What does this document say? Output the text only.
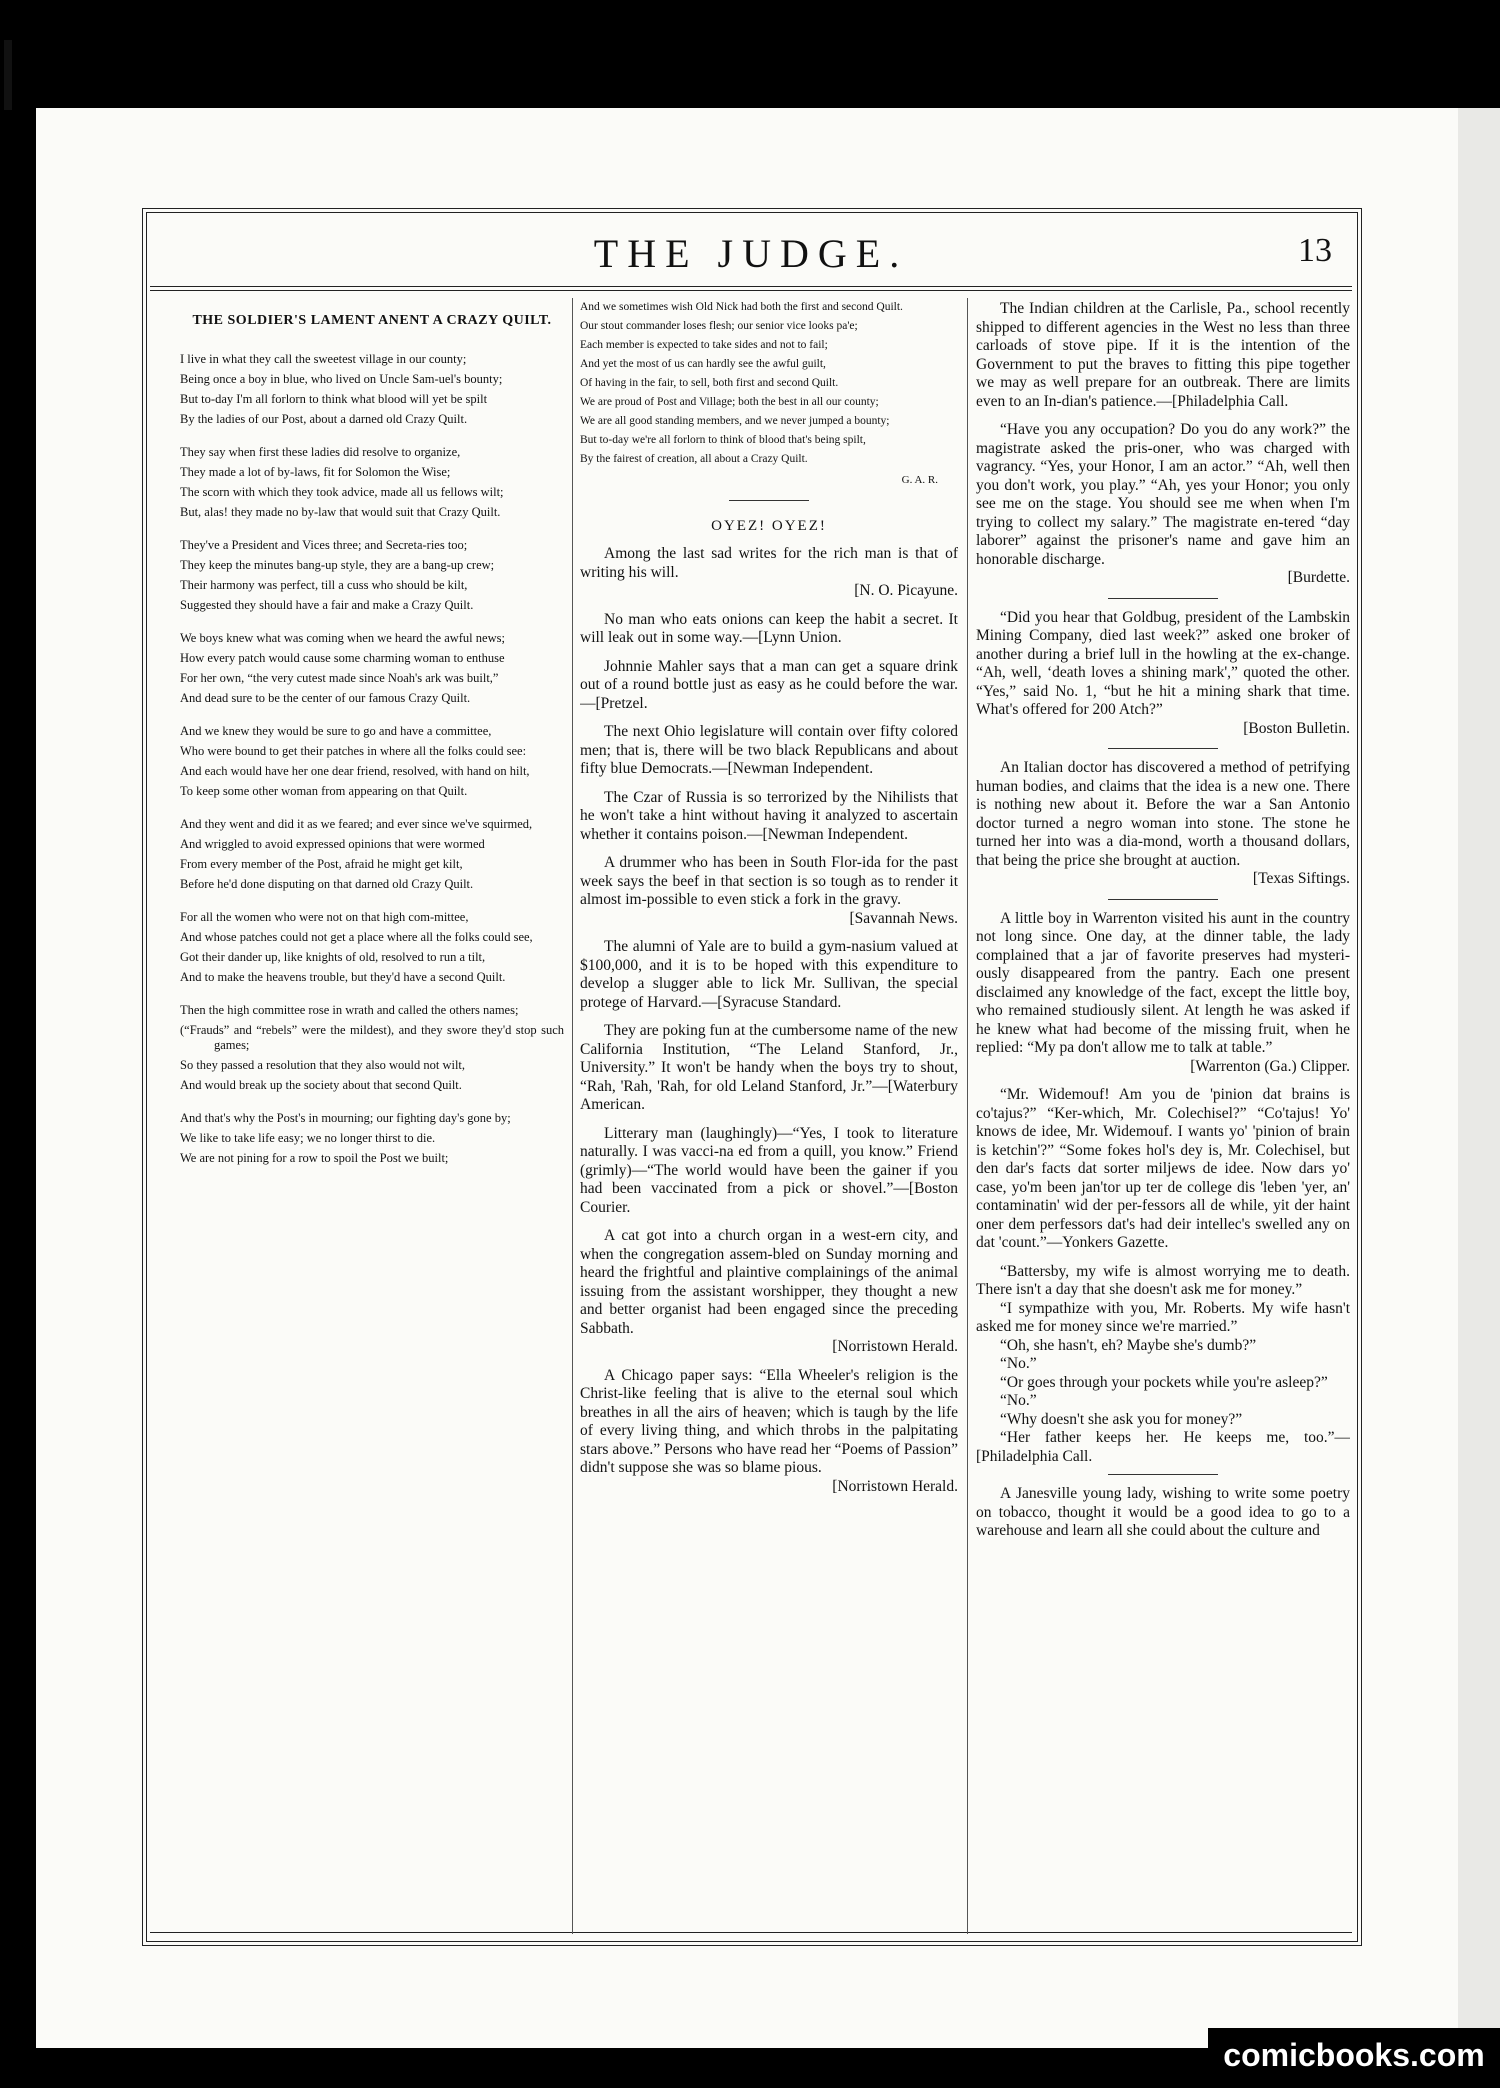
THE JUDGE.	13
THE SOLDIER'S LAMENT ANENT A CRAZY QUILT.
I live in what they call the sweetest village in our county;
Being once a boy in blue, who lived on Uncle Sam-uel's bounty;
But to-day I'm all forlorn to think what blood will yet be spilt
By the ladies of our Post, about a darned old Crazy Quilt.
They say when first these ladies did resolve to organize,
They made a lot of by-laws, fit for Solomon the Wise;
The scorn with which they took advice, made all us fellows wilt;
But, alas! they made no by-law that would suit that Crazy Quilt.
They've a President and Vices three; and Secreta-ries too;
They keep the minutes bang-up style, they are a bang-up crew;
Their harmony was perfect, till a cuss who should be kilt,
Suggested they should have a fair and make a Crazy Quilt.
We boys knew what was coming when we heard the awful news;
How every patch would cause some charming woman to enthuse
For her own, “the very cutest made since Noah's ark was built,”
And dead sure to be the center of our famous Crazy Quilt.
And we knew they would be sure to go and have a committee,
Who were bound to get their patches in where all the folks could see:
And each would have her one dear friend, resolved, with hand on hilt,
To keep some other woman from appearing on that Quilt.
And they went and did it as we feared; and ever since we've squirmed,
And wriggled to avoid expressed opinions that were wormed
From every member of the Post, afraid he might get kilt,
Before he'd done disputing on that darned old Crazy Quilt.
For all the women who were not on that high com-mittee,
And whose patches could not get a place where all the folks could see,
Got their dander up, like knights of old, resolved to run a tilt,
And to make the heavens trouble, but they'd have a second Quilt.
Then the high committee rose in wrath and called the others names;
(“Frauds” and “rebels” were the mildest), and they swore they'd stop such games;
So they passed a resolution that they also would not wilt,
And would break up the society about that second Quilt.
And that's why the Post's in mourning; our fighting day's gone by;
We like to take life easy; we no longer thirst to die.
We are not pining for a row to spoil the Post we built;
And we sometimes wish Old Nick had both the first and second Quilt.
Our stout commander loses flesh; our senior vice looks pa'e;
Each member is expected to take sides and not to fail;
And yet the most of us can hardly see the awful guilt,
Of having in the fair, to sell, both first and second Quilt.
We are proud of Post and Village; both the best in all our county;
We are all good standing members, and we never jumped a bounty;
But to-day we're all forlorn to think of blood that's being spilt,
By the fairest of creation, all about a Crazy Quilt.
G. A. R.
OYEZ! OYEZ!

Among the last sad writes for the rich man is that of writing his will.

[N. O. Picayune.

No man who eats onions can keep the habit a secret. It will leak out in some way.—[Lynn Union.

Johnnie Mahler says that a man can get a square drink out of a round bottle just as easy as he could before the war.—[Pretzel.

The next Ohio legislature will contain over fifty colored men; that is, there will be two black Republicans and about fifty blue Democrats.—[Newman Independent.

The Czar of Russia is so terrorized by the Nihilists that he won't take a hint without having it analyzed to ascertain whether it contains poison.—[Newman Independent.

A drummer who has been in South Flor-ida for the past week says the beef in that section is so tough as to render it almost im-possible to even stick a fork in the gravy.

[Savannah News.

The alumni of Yale are to build a gym-nasium valued at $100,000, and it is to be hoped with this expenditure to develop a slugger able to lick Mr. Sullivan, the special protege of Harvard.—[Syracuse Standard.

They are poking fun at the cumbersome name of the new California Institution, “The Leland Stanford, Jr., University.” It won't be handy when the boys try to shout, “Rah, 'Rah, 'Rah, for old Leland Stanford, Jr.”—[Waterbury American.

Litterary man (laughingly)—“Yes, I took to literature naturally. I was vacci-na ed from a quill, you know.” Friend (grimly)—“The world would have been the gainer if you had been vaccinated from a pick or shovel.”—[Boston Courier.

A cat got into a church organ in a west-ern city, and when the congregation assem-bled on Sunday morning and heard the frightful and plaintive complainings of the animal issuing from the assistant worshipper, they thought a new and better organist had been engaged since the preceding Sabbath.

[Norristown Herald.

A Chicago paper says: “Ella Wheeler's religion is the Christ-like feeling that is alive to the eternal soul which breathes in all the airs of heaven; which is taugh by the life of every living thing, and which throbs in the palpitating stars above.” Persons who have read her “Poems of Passion” didn't suppose she was so blame pious.

[Norristown Herald.

The Indian children at the Carlisle, Pa., school recently shipped to different agencies in the West no less than three carloads of stove pipe. If it is the intention of the Government to put the braves to fitting this pipe together we may as well prepare for an outbreak. There are limits even to an In-dian's patience.—[Philadelphia Call.

“Have you any occupation? Do you do any work?” the magistrate asked the pris-oner, who was charged with vagrancy. “Yes, your Honor, I am an actor.” “Ah, well then you don't work, you play.” “Ah, yes your Honor; you only see me on the stage. You should see me when when I'm trying to collect my salary.” The magistrate en-tered “day laborer” against the prisoner's name and gave him an honorable discharge.

[Burdette.

“Did you hear that Goldbug, president of the Lambskin Mining Company, died last week?” asked one broker of another during a brief lull in the howling at the ex-change. “Ah, well, ‘death loves a shining mark',” quoted the other. “Yes,” said No. 1, “but he hit a mining shark that time. What's offered for 200 Atch?”

[Boston Bulletin.

An Italian doctor has discovered a method of petrifying human bodies, and claims that the idea is a new one. There is nothing new about it. Before the war a San Antonio doctor turned a negro woman into stone. The stone he turned her into was a dia-mond, worth a thousand dollars, that being the price she brought at auction.

[Texas Siftings.

A little boy in Warrenton visited his aunt in the country not long since. One day, at the dinner table, the lady complained that a jar of favorite preserves had mysteri-ously disappeared from the pantry. Each one present disclaimed any knowledge of the fact, except the little boy, who remained studiously silent. At length he was asked if he knew what had become of the missing fruit, when he replied: “My pa don't allow me to talk at table.”

[Warrenton (Ga.) Clipper.

“Mr. Widemouf! Am you de 'pinion dat brains is co'tajus?” “Ker-which, Mr. Colechisel?” “Co'tajus! Yo' knows de idee, Mr. Widemouf. I wants yo' 'pinion of brain is ketchin'?” “Some fokes hol's dey is, Mr. Colechisel, but den dar's facts dat sorter miljews de idee. Now dars yo' case, yo'm been jan'tor up ter de college dis 'leben 'yer, an' contaminatin' wid der per-fessors all de while, yit der haint oner dem perfessors dat's had deir intellec's swelled any on dat 'count.”—Yonkers Gazette.

“Battersby, my wife is almost worrying me to death. There isn't a day that she doesn't ask me for money.”

“I sympathize with you, Mr. Roberts. My wife hasn't asked me for money since we're married.”

“Oh, she hasn't, eh? Maybe she's dumb?”

“No.”

“Or goes through your pockets while you're asleep?”

“No.”

“Why doesn't she ask you for money?”

“Her father keeps her. He keeps me, too.”—[Philadelphia Call.

A Janesville young lady, wishing to write some poetry on tobacco, thought it would be a good idea to go to a warehouse and learn all she could about the culture and

comicbooks.com
